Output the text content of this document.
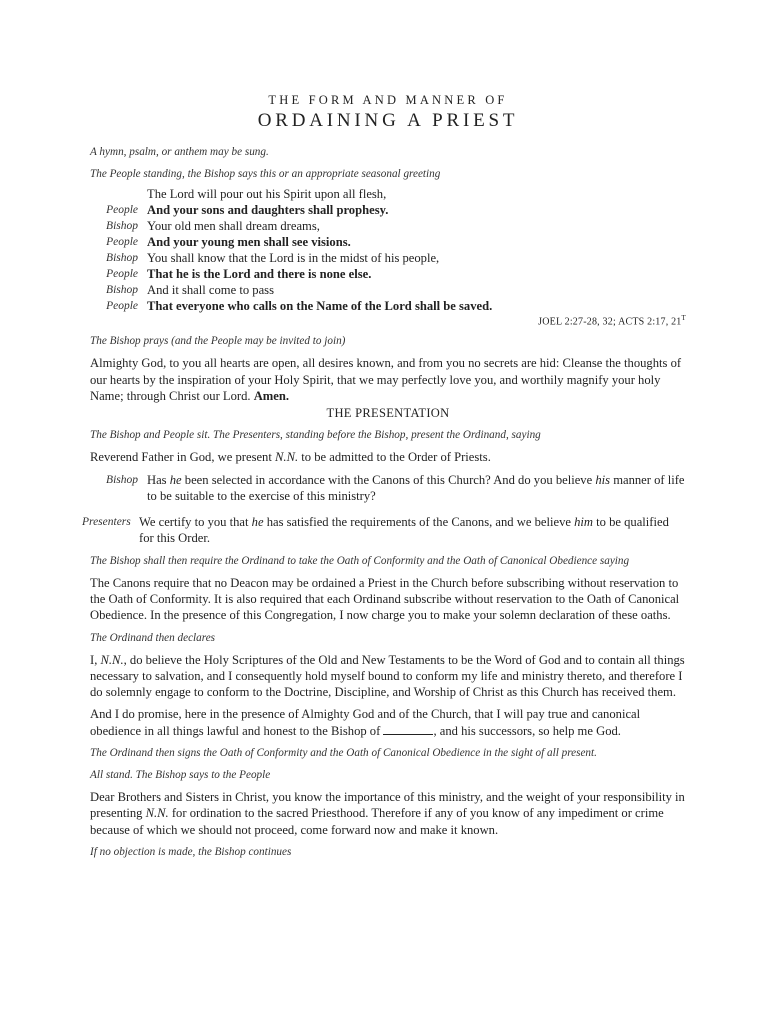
THE FORM AND MANNER OF
ORDAINING A PRIEST

A hymn, psalm, or anthem may be sung.

The People standing, the Bishop says this or an appropriate seasonal greeting

The Lord will pour out his Spirit upon all flesh,
People And your sons and daughters shall prophesy.
Bishop Your old men shall dream dreams,
People And your young men shall see visions.
Bishop You shall know that the Lord is in the midst of his people,
People That he is the Lord and there is none else.
Bishop And it shall come to pass
People That everyone who calls on the Name of the Lord shall be saved.
JOEL 2:27-28, 32; ACTS 2:17, $21^T$

The Bishop prays (and the People may be invited to join)

Almighty God, to you all hearts are open, all desires known, and from you no secrets are hid: Cleanse the thoughts of our hearts by the inspiration of your Holy Spirit, that we may perfectly love you, and worthily magnify your holy Name; through Christ our Lord. Amen.

THE PRESENTATION

The Bishop and People sit. The Presenters, standing before the Bishop, present the Ordinand, saying

Reverend Father in God, we present N.N. to be admitted to the Order of Priests.

Bishop Has he been selected in accordance with the Canons of this Church? And do you believe his manner of life to be suitable to the exercise of this ministry?
Presenters We certify to you that he has satisfied the requirements of the Canons, and we believe him to be qualified for this Order.

The Bishop shall then require the Ordinand to take the Oath of Conformity and the Oath of Canonical Obedience saying

The Canons require that no Deacon may be ordained a Priest in the Church before subscribing without reservation to the Oath of Conformity. It is also required that each Ordinand subscribe without reservation to the Oath of Canonical Obedience. In the presence of this Congregation, I now charge you to make your solemn declaration of these oaths.

The Ordinand then declares

I, N.N., do believe the Holy Scriptures of the Old and New Testaments to be the Word of God and to contain all things necessary to salvation, and I consequently hold myself bound to conform my life and ministry thereto, and therefore I do solemnly engage to conform to the Doctrine, Discipline, and Worship of Christ as this Church has received them.

And I do promise, here in the presence of Almighty God and of the Church, that I will pay true and canonical obedience in all things lawful and honest to the Bishop of	, and his successors, so help me God.

The Ordinand then signs the Oath of Conformity and the Oath of Canonical Obedience in the sight of all present.

All stand. The Bishop says to the People

Dear Brothers and Sisters in Christ, you know the importance of this ministry, and the weight of your responsibility in presenting N.N. for ordination to the sacred Priesthood. Therefore if any of you know of any impediment or crime because of which we should not proceed, come forward now and make it known.

If no objection is made, the Bishop continues
